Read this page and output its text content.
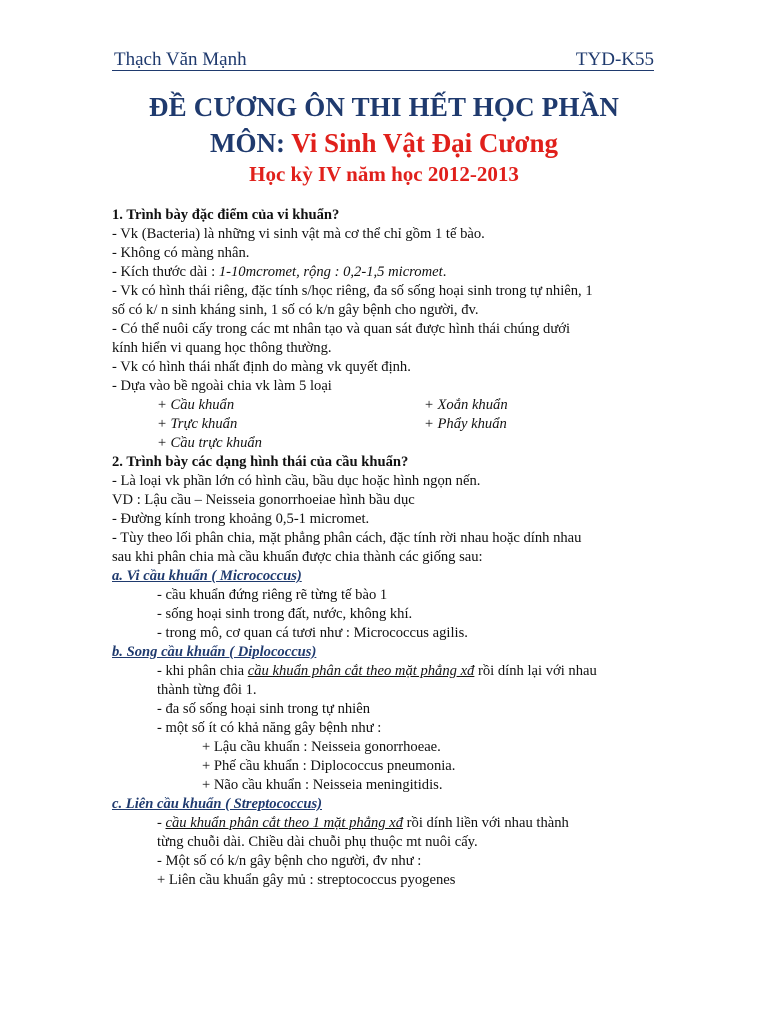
Thạch Văn Mạnh	TYD-K55
ĐỀ CƯƠNG ÔN THI HẾT HỌC PHẦN
MÔN: Vi Sinh Vật Đại Cương
Học kỳ IV năm học 2012-2013
1. Trình bày đặc điểm của vi khuẩn?
- Vk (Bacteria) là những vi sinh vật mà cơ thể chỉ gồm 1 tế bào.
- Không có màng nhân.
- Kích thước dài : 1-10mcromet, rộng : 0,2-1,5 micromet.
- Vk có hình thái riêng, đặc tính s/học riêng, đa số sống hoại sinh trong tự nhiên, 1
số có k/ n sinh kháng sinh, 1 số có k/n gây bệnh cho người, đv.
- Có thể nuôi cấy trong các mt nhân tạo và quan sát được hình thái chúng dưới
kính hiển vi quang học thông thường.
- Vk có hình thái nhất định do màng vk quyết định.
- Dựa vào bề ngoài chia vk làm 5 loại
+ Cầu khuẩn	+ Xoắn khuẩn
+ Trực khuẩn	+ Phẩy khuẩn
+ Cầu trực khuẩn
2. Trình bày các dạng hình thái của cầu khuẩn?
- Là loại vk phần lớn có hình cầu, bầu dục hoặc hình ngọn nến.
VD : Lậu cầu – Neisseia gonorrhoeiae hình bầu dục
- Đường kính trong khoảng 0,5-1 micromet.
- Tùy theo lối phân chia, mặt phẳng phân cách, đặc tính rời nhau hoặc dính nhau
sau khi phân chia mà cầu khuẩn được chia thành các giống sau:
a. Vi cầu khuẩn ( Micrococcus)
- cầu khuẩn đứng riêng rẽ từng tế bào 1
- sống hoại sinh trong đất, nước, không khí.
- trong mô, cơ quan cá tươi như : Micrococcus agilis.
b. Song cầu khuẩn ( Diplococcus)
- khi phân chia cầu khuẩn phân cắt theo mặt phẳng xđ rồi dính lại với nhau
thành từng đôi 1.
- đa số sống hoại sinh trong tự nhiên
- một số ít có khả năng gây bệnh như :
+ Lậu cầu khuẩn : Neisseia gonorrhoeae.
+ Phế cầu khuẩn : Diplococcus pneumonia.
+ Não cầu khuẩn : Neisseia meningitidis.
c. Liên cầu khuẩn ( Streptococcus)
- cầu khuẩn phân cắt theo 1 mặt phẳng xđ rồi dính liền với nhau thành
từng chuỗi dài. Chiều dài chuỗi phụ thuộc mt nuôi cấy.
- Một số có k/n gây bệnh cho người, đv như :
+ Liên cầu khuẩn gây mủ : streptococcus pyogenes
